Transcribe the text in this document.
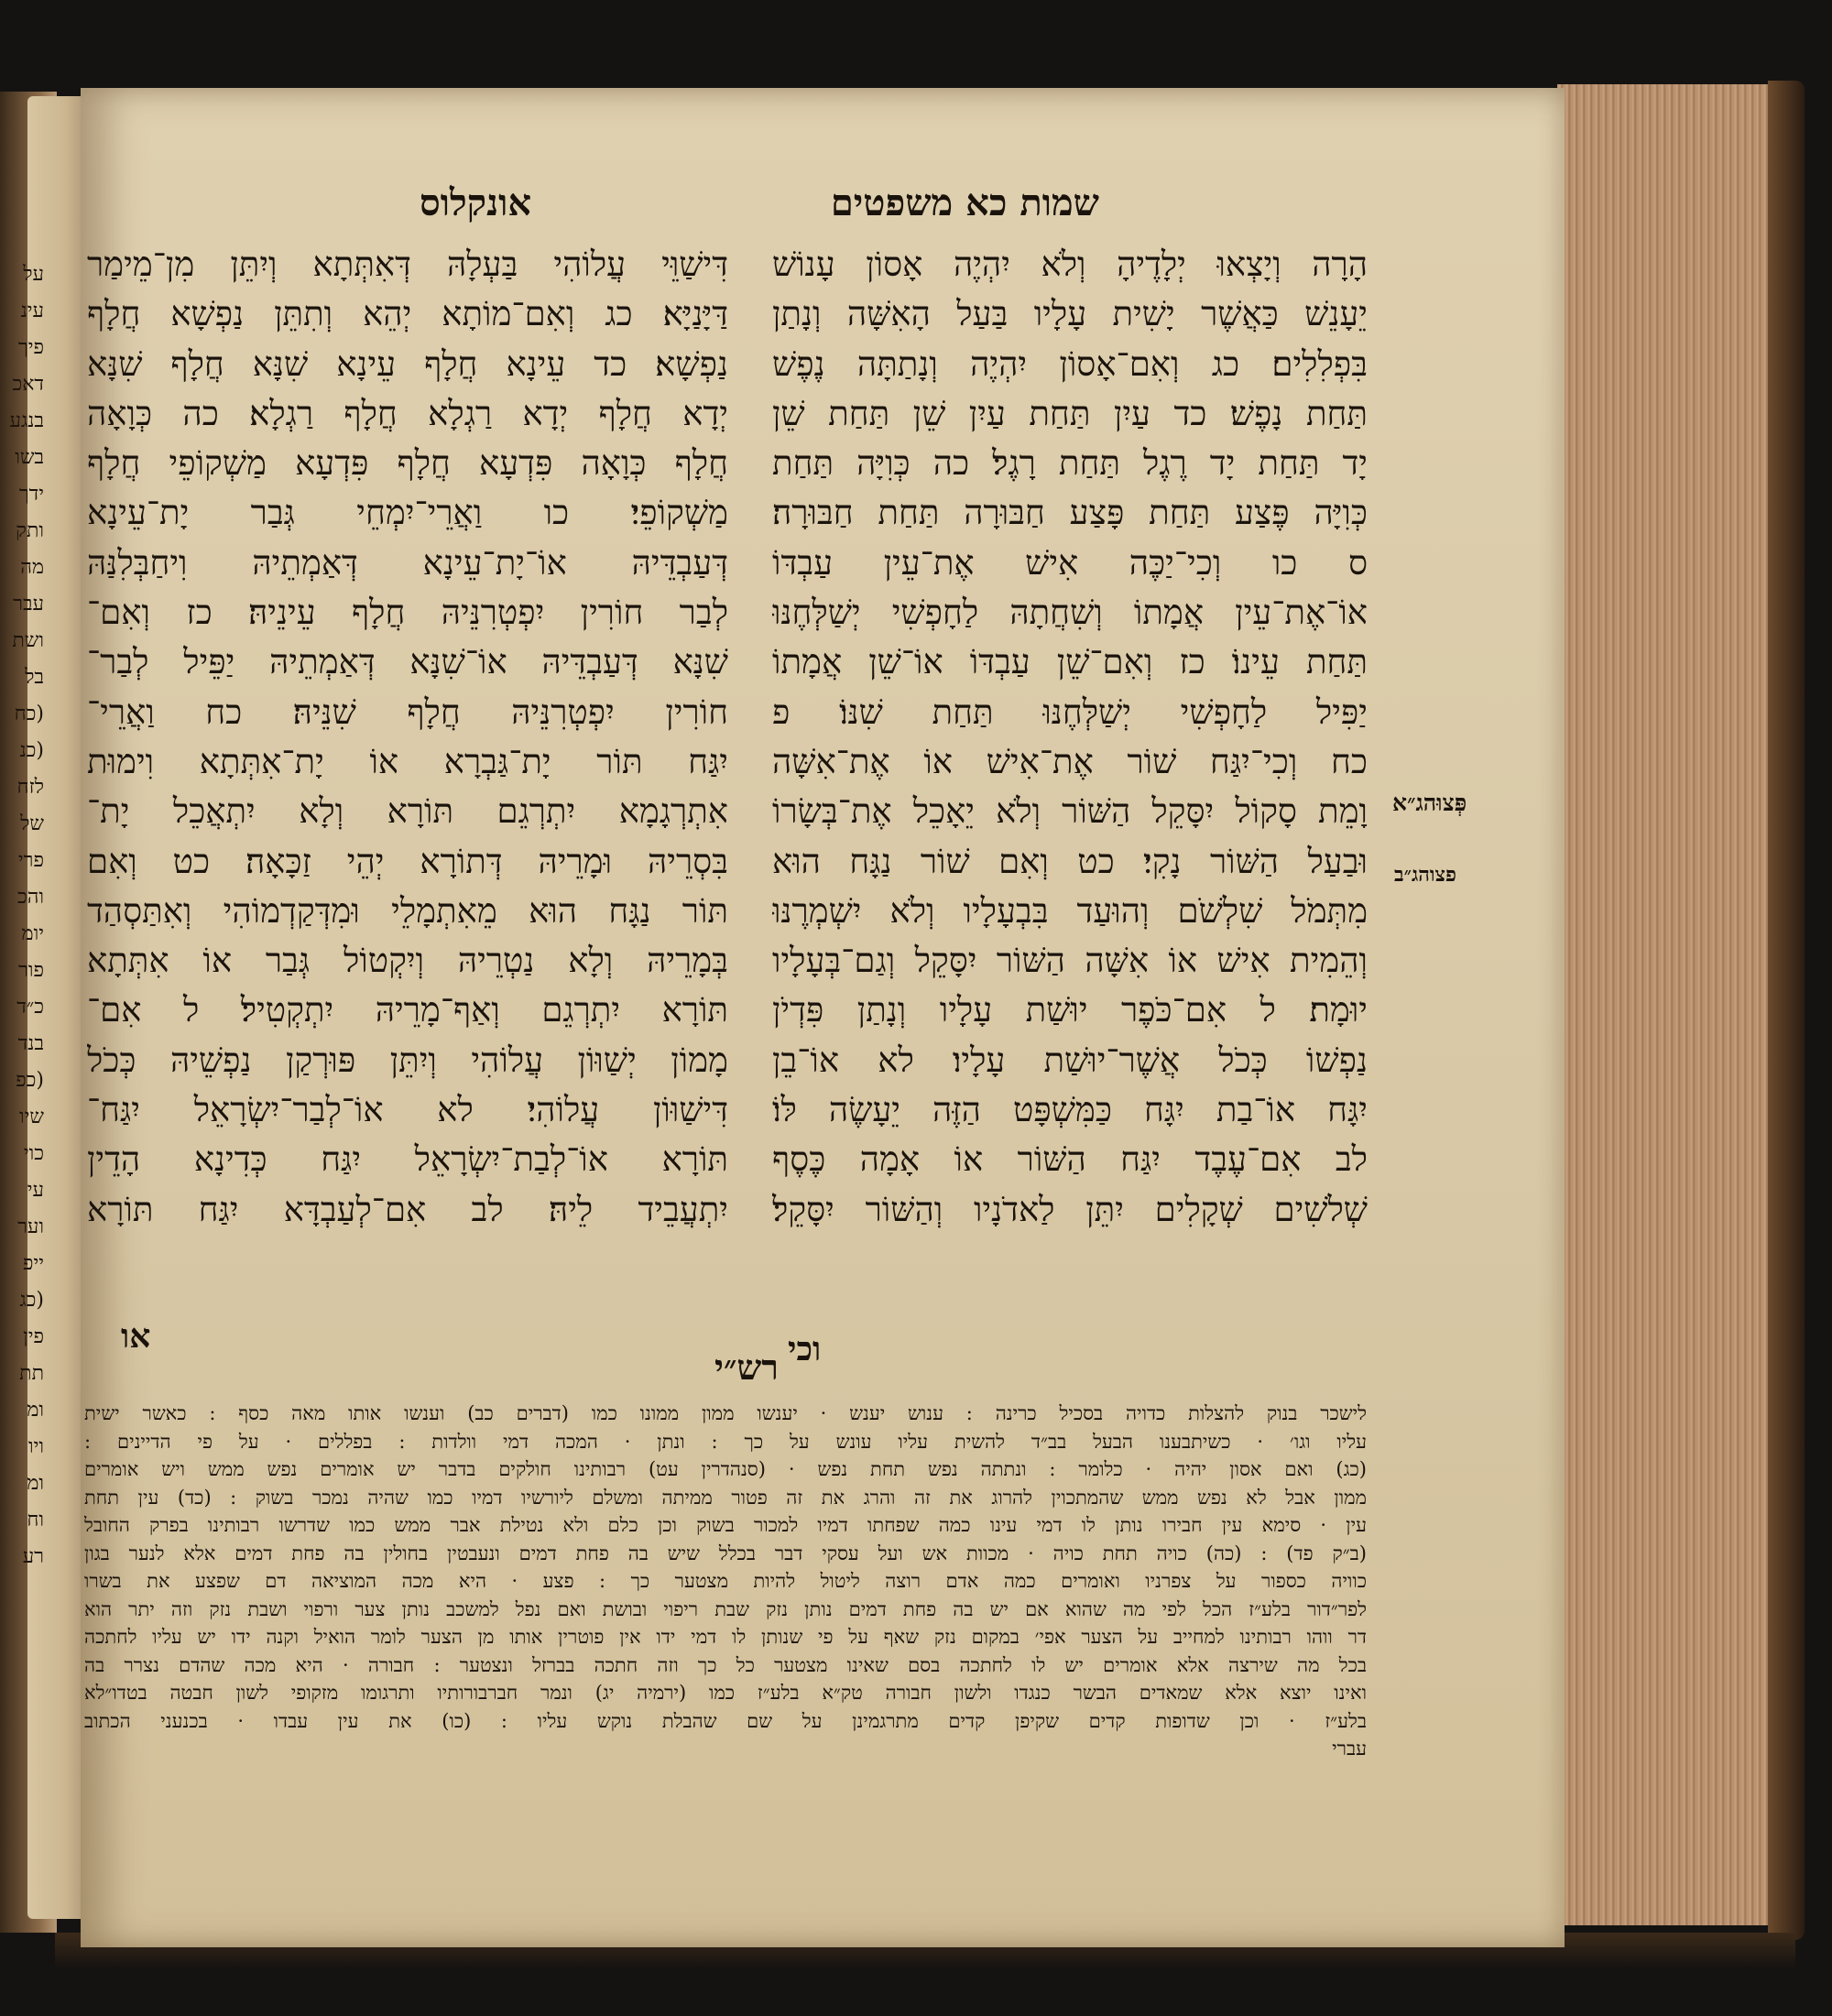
על
עינ
פיך
דאכ
בנגע
בשו
ידך
ותק
מה
עבר
ושת
בל
(כח
(כנ
לזח
של
פרי
והכ
יומ
פור
כ״ד
בנד
(כפ
שיו
כוי
עי
וער
ייפ
(כג
פין
תת
ומ
ויו
ומ
וח
רע
שמות כא משפטים
אונקלוס
הָרָה וְיָצְאוּ יְלָדֶיהָ וְלֹא יִהְיֶה אָסוֹן עָנוֹשׁ
יֵעָנֵשׁ כַּאֲשֶׁר יָשִׁית עָלָיו בַּעַל הָאִשָּׁה וְנָתַן
בִּפְלִלִים׃ כג וְאִם־אָסוֹן יִהְיֶה וְנָתַתָּה נֶפֶשׁ
תַּחַת נָפֶשׁ׃ כד עַיִן תַּחַת עַיִן שֵׁן תַּחַת שֵׁן
יָד תַּחַת יָד רֶגֶל תַּחַת רָגֶל׃ כה כְּוִיָּה תַּחַת
כְּוִיָּה פֶּצַע תַּחַת פָּצַע חַבּוּרָה תַּחַת חַבּוּרָה׃
ס כו וְכִי־יַכֶּה אִישׁ אֶת־עֵין עַבְדּוֹ
אוֹ־אֶת־עֵין אֲמָתוֹ וְשִׁחֲתָהּ לַחָפְשִׁי יְשַׁלְּחֶנּוּ
תַּחַת עֵינוֹ׃ כז וְאִם־שֵׁן עַבְדּוֹ אוֹ־שֵׁן אֲמָתוֹ
יַפִּיל לַחָפְשִׁי יְשַׁלְּחֶנּוּ תַּחַת שִׁנּוֹ׃ פ
כח וְכִי־יִגַּח שׁוֹר אֶת־אִישׁ אוֹ אֶת־אִשָּׁה
וָמֵת סָקוֹל יִסָּקֵל הַשּׁוֹר וְלֹא יֵאָכֵל אֶת־בְּשָׂרוֹ
וּבַעַל הַשּׁוֹר נָקִי׃ כט וְאִם שׁוֹר נַגָּח הוּא
מִתְּמֹל שִׁלְשֹׁם וְהוּעַד בִּבְעָלָיו וְלֹא יִשְׁמְרֶנּוּ
וְהֵמִית אִישׁ אוֹ אִשָּׁה הַשּׁוֹר יִסָּקֵל וְגַם־בְּעָלָיו
יוּמָת׃ ל אִם־כֹּפֶר יוּשַׁת עָלָיו וְנָתַן פִּדְיֹן
נַפְשׁוֹ כְּכֹל אֲשֶׁר־יוּשַׁת עָלָיו׃ לא אוֹ־בֵן
יִגָּח אוֹ־בַת יִגָּח כַּמִּשְׁפָּט הַזֶּה יֵעָשֶׂה לּוֹ׃
לב אִם־עֶבֶד יִגַּח הַשּׁוֹר אוֹ אָמָה כֶּסֶף
שְׁלֹשִׁים שְׁקָלִים יִתֵּן לַאדֹנָיו וְהַשּׁוֹר יִסָּקֵל׃
דִּישַׁוֵּי עֲלוֹהִי בַּעְלָהּ דְּאִתְּתָא וְיִתֵּן מִן־מֵימַר
דַּיָּנַיָּא׃ כג וְאִם־מוֹתָא יְהֵא וְתִתֵּן נַפְשָׁא חֲלָף
נַפְשָׁא׃ כד עֵינָא חֲלָף עֵינָא שִׁנָּא חֲלָף שִׁנָּא
יְדָא חֲלָף יְדָא רַגְלָא חֲלָף רַגְלָא׃ כה כְּוָאָה
חֲלָף כְּוָאָה פִּדְעָא חֲלָף פִּדְעָא מַשְׁקוֹפֵי חֲלָף
מַשְׁקוֹפֵי׃ כו וַאֲרֵי־יִמְחֵי גְּבַר יָת־עֵינָא
דְּעַבְדֵּיהּ אוֹ־יָת־עֵינָא דְּאַמְתֵיהּ וִיחַבְּלִנַּהּ
לְבַר חוֹרִין יִפְטְרִנֵּיהּ חֲלָף עֵינֵיהּ׃ כז וְאִם־
שִׁנָּא דְּעַבְדֵּיהּ אוֹ־שִׁנָּא דְּאַמְתֵיהּ יַפֵּיל לְבַר־
חוֹרִין יִפְטְרִנֵּיהּ חֲלָף שִׁנֵּיהּ׃ כח וַאֲרֵי־
יִגַּח תּוֹר יָת־גַּבְרָא אוֹ יָת־אִתְּתָא וִימוּת
אִתְרְגָמָא יִתְרְגֵם תּוֹרָא וְלָא יִתְאֲכֵל יָת־
בִּסְרֵיהּ וּמָרֵיהּ דְּתוֹרָא יְהֵי זַכָּאָה׃ כט וְאִם
תּוֹר נַגָּח הוּא מֵאִתְמָלֵי וּמִדְּקַדְמוֹהִי וְאִתַּסְהַד
בְּמָרֵיהּ וְלָא נַטְרֵיהּ וְיִקְטוֹל גְּבַר אוֹ אִתְּתָא
תּוֹרָא יִתְרְגֵם וְאַף־מָרֵיהּ יִתְקְטִיל׃ ל אִם־
מָמוֹן יְשַׁוּוֹן עֲלוֹהִי וְיִתֵּן פּוּרְקַן נַפְשֵׁיהּ כְּכֹל
דִּישַׁוּוֹן עֲלוֹהִי׃ לא אוֹ־לְבַר־יִשְׂרָאֵל יִגַּח־
תּוֹרָא אוֹ־לְבַת־יִשְׂרָאֵל יִגַּח כְּדִינָא הָדֵין
יִתְעֲבֵיד לֵיהּ׃ לב אִם־לְעַבְדָּא יִגַּח תּוֹרָא
וכי
או
פְּצוּהג״א
פצוהג״ב
רש״י
לישכר בנוק להצלות כדויה בסכיל כרינה : ענוש יענש · יענשו ממון ממונו כמו (דברים כב) וענשו אותו מאה כסף : כאשר ישית
עליו וגו׳ · כשיתבענו הבעל בב״ד להשית עליו עונש על כך : ונתן · המכה דמי וולדות : בפללים · על פי הדיינים :
(כג) ואם אסון יהיה · כלומר : ונתתה נפש תחת נפש · (סנהדרין עט) רבותינו חולקים בדבר יש אומרים נפש ממש ויש אומרים
ממון אבל לא נפש ממש שהמתכוין להרוג את זה והרג את זה פטור ממיתה ומשלם ליורשיו דמיו כמו שהיה נמכר בשוק : (כד) עין תחת
עין · סימא עין חבירו נותן לו דמי עינו כמה שפחתו דמיו למכור בשוק וכן כלם ולא נטילת אבר ממש כמו שדרשו רבותינו בפרק החובל
(ב״ק פד) : (כה) כויה תחת כויה · מכוות אש ועל עסקי דבר בכלל שיש בה פחת דמים ונעבטין בחולין בה פחת דמים אלא לנער בגון
כוויה כספור על צפרניו ואומרים כמה אדם רוצה ליטול להיות מצטער כך : פצע · היא מכה המוציאה דם שפצע את בשרו
לפר״דור בלע״ז הכל לפי מה שהוא אם יש בה פחת דמים נותן נזק שבת ריפוי ובושת ואם נפל למשכב נותן צער ורפוי ושבת נזק וזה יתר הוא
דר ווהו רבותינו למחייב על הצער אפי׳ במקום נזק שאף על פי שנותן לו דמי ידו אין פוטרין אותו מן הצער לומר הואיל וקנה ידו יש עליו לחתכה
בכל מה שירצה אלא אומרים יש לו לחתכה בסם שאינו מצטער כל כך וזה חתכה בברזל ונצטער : חבורה · היא מכה שהדם נצרר בה
ואינו יוצא אלא שמאדים הבשר כנגדו ולשון חבורה טק״א בלע״ז כמו (ירמיה יג) ונמר חברבורותיו ותרגומו מזקופי לשון חבטה בטדו״לא
בלע״ז · וכן שדופות קדים שקיפן קדים מתרגמינן על שם שהבלת נוקש עליו : (כו) את עין עבדו · בכנעני הכתוב
עברי
